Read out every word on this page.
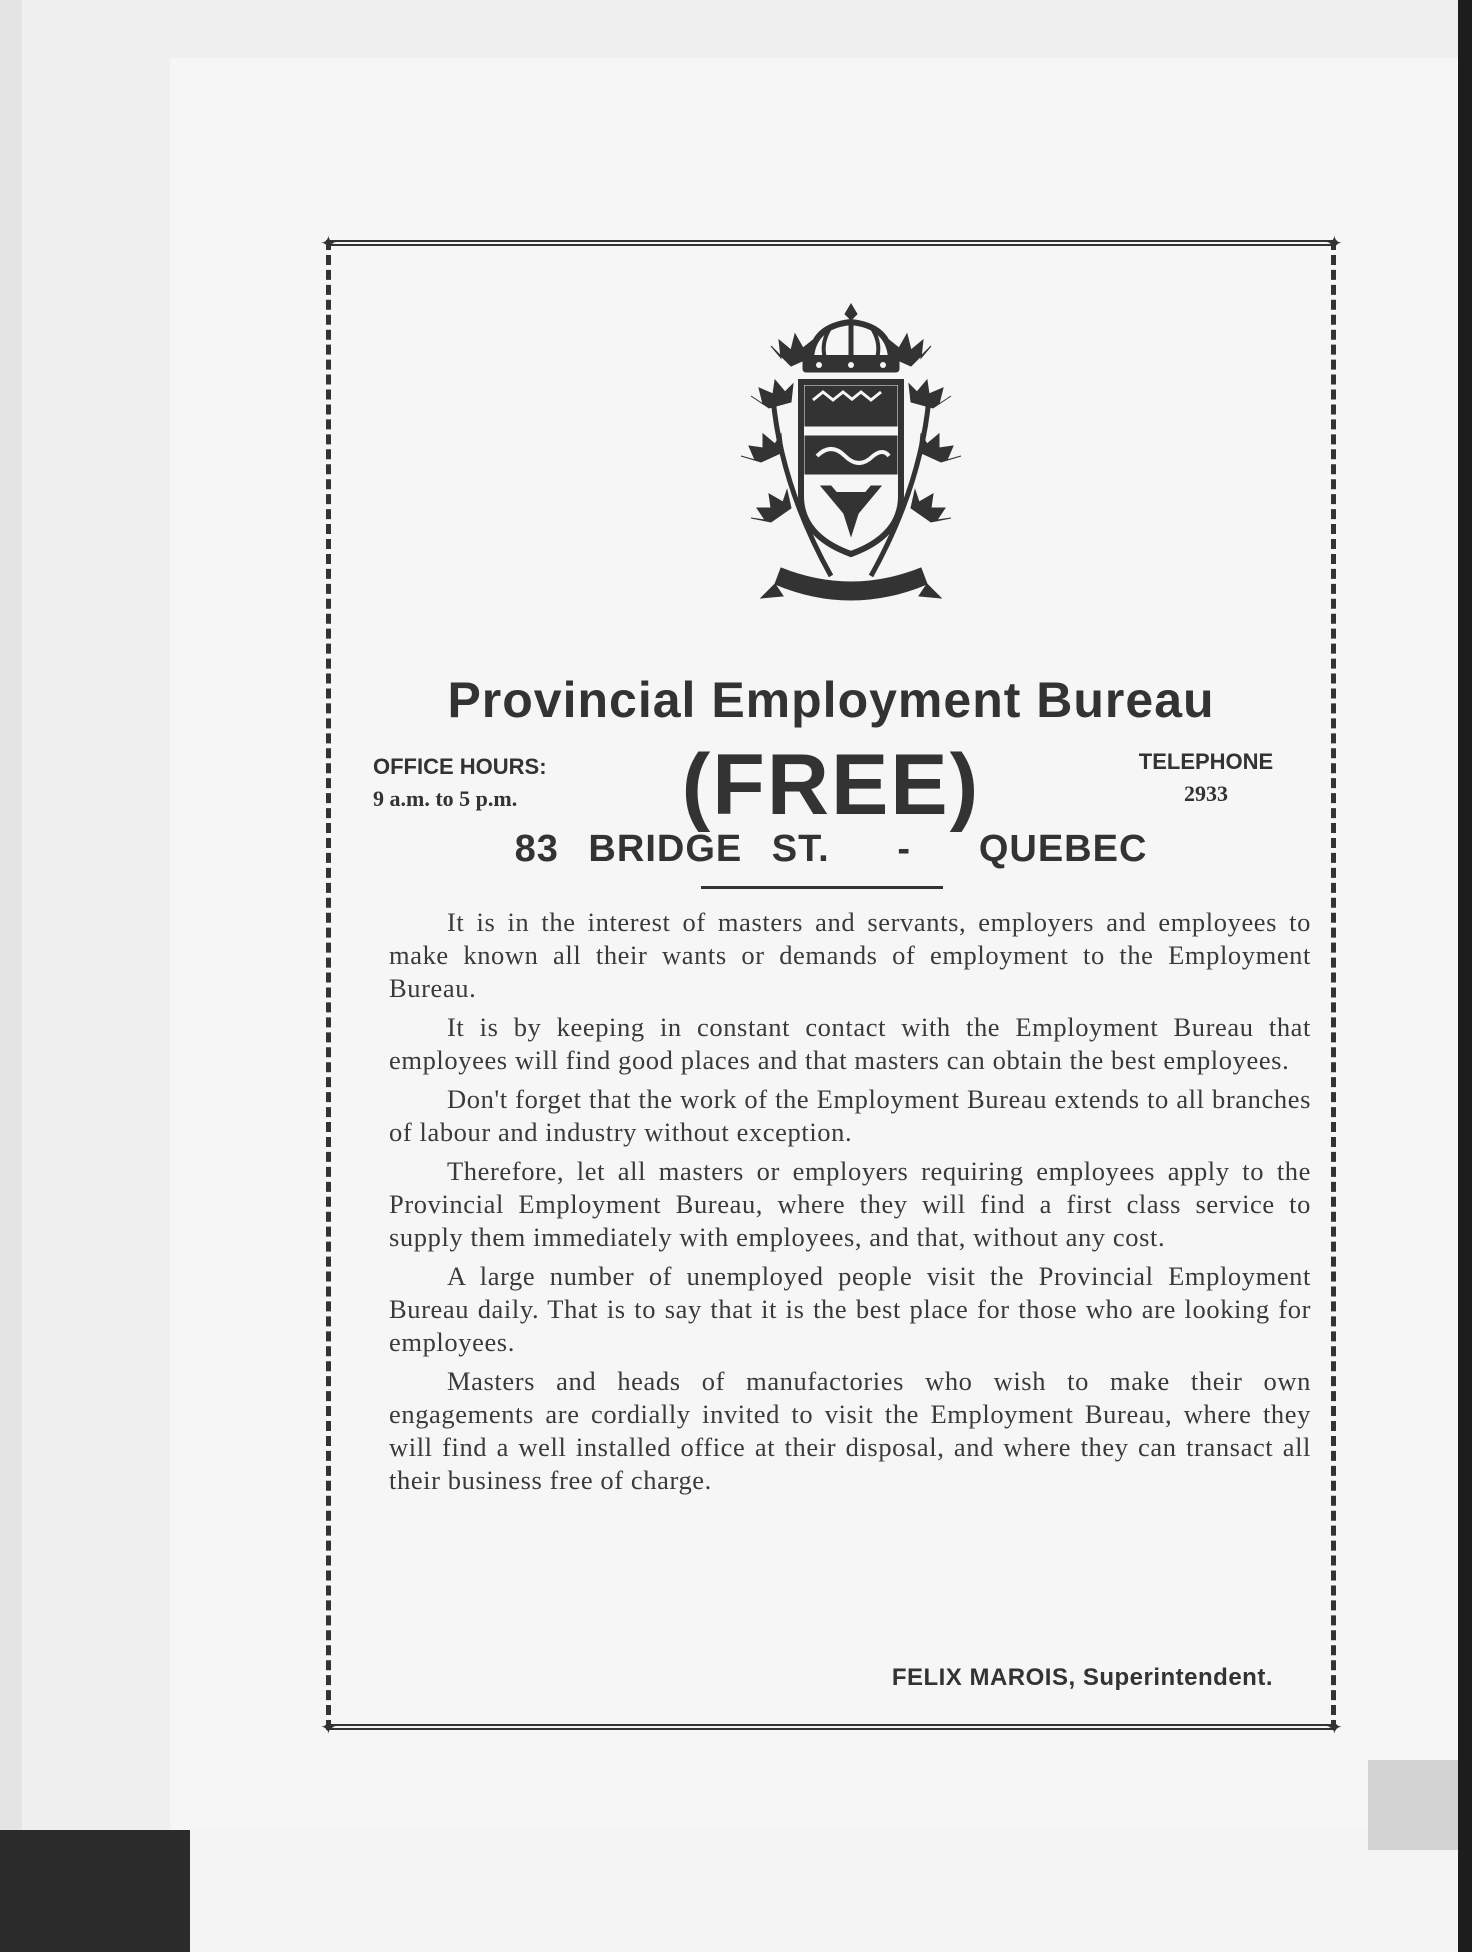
✦	✦
✦	✦
Provincial Employment Bureau
OFFICE HOURS:
9 a.m. to 5 p.m.	(FREE)	TELEPHONE
2933
83 BRIDGE ST. - QUEBEC

It is in the interest of masters and servants, employers and employees to make known all their wants or demands of employment to the Employment Bureau.

It is by keeping in constant contact with the Employment Bureau that employees will find good places and that masters can obtain the best employees.

Don't forget that the work of the Employment Bureau extends to all branches of labour and industry without exception.

Therefore, let all masters or employers requiring employees apply to the Provincial Employment Bureau, where they will find a first class service to supply them immediately with employees, and that, without any cost.

A large number of unemployed people visit the Provincial Employment Bureau daily. That is to say that it is the best place for those who are looking for employees.

Masters and heads of manufactories who wish to make their own engagements are cordially invited to visit the Employment Bureau, where they will find a well installed office at their disposal, and where they can transact all their business free of charge.

FELIX MAROIS, Superintendent.
